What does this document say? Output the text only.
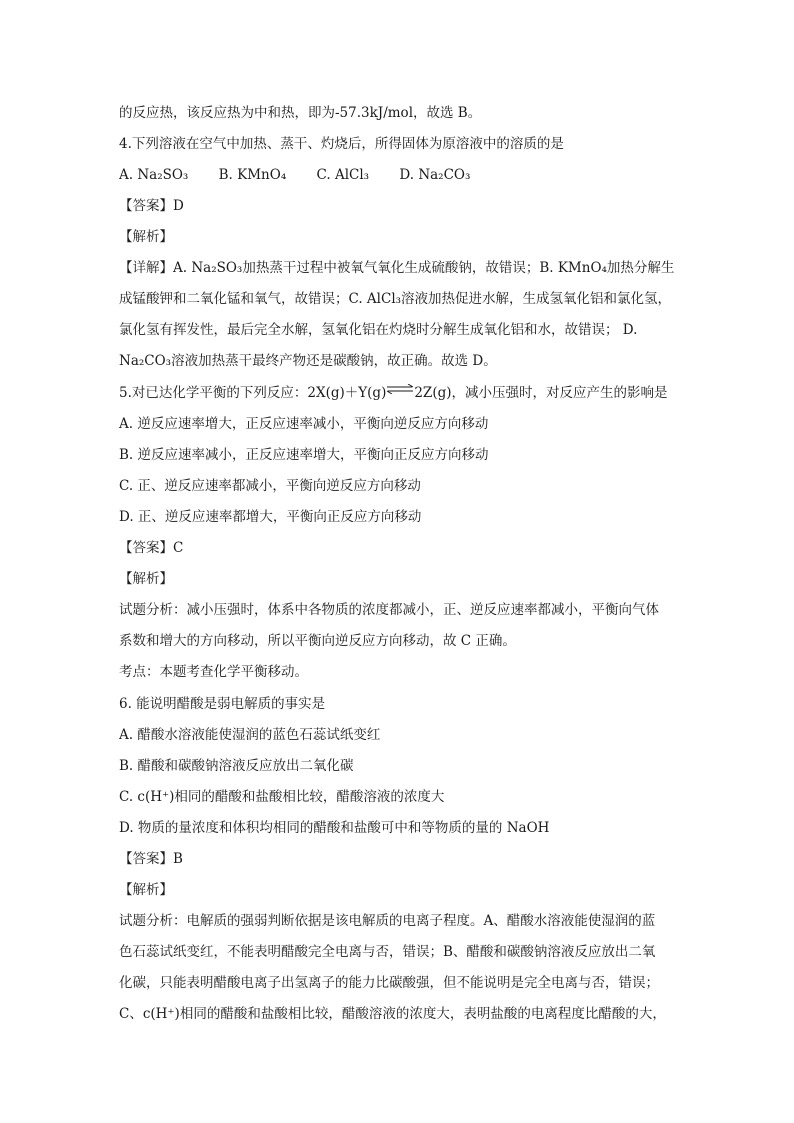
的反应热，该反应热为中和热，即为-57.3kJ/mol，故选 B。
4.下列溶液在空气中加热、蒸干、灼烧后，所得固体为原溶液中的溶质的是
A. Na₂SO₃ B. KMnO₄ C. AlCl₃ D. Na₂CO₃
【答案】D
【解析】
【详解】A. Na₂SO₃加热蒸干过程中被氧气氧化生成硫酸钠，故错误；B. KMnO₄加热分解生
成锰酸钾和二氧化锰和氧气，故错误；C. AlCl₃溶液加热促进水解，生成氢氧化铝和氯化氢，
氯化氢有挥发性，最后完全水解，氢氧化铝在灼烧时分解生成氧化铝和水，故错误； D.
Na₂CO₃溶液加热蒸干最终产物还是碳酸钠，故正确。故选 D。
5.对已达化学平衡的下列反应：2X(g)＋Y(g)⇌2Z(g)，减小压强时，对反应产生的影响是
A. 逆反应速率增大，正反应速率减小，平衡向逆反应方向移动
B. 逆反应速率减小，正反应速率增大，平衡向正反应方向移动
C. 正、逆反应速率都减小，平衡向逆反应方向移动
D. 正、逆反应速率都增大，平衡向正反应方向移动
【答案】C
【解析】
试题分析：减小压强时，体系中各物质的浓度都减小，正、逆反应速率都减小，平衡向气体
系数和增大的方向移动，所以平衡向逆反应方向移动，故 C 正确。
考点：本题考查化学平衡移动。
6. 能说明醋酸是弱电解质的事实是
A. 醋酸水溶液能使湿润的蓝色石蕊试纸变红
B. 醋酸和碳酸钠溶液反应放出二氧化碳
C. c(H⁺)相同的醋酸和盐酸相比较，醋酸溶液的浓度大
D. 物质的量浓度和体积均相同的醋酸和盐酸可中和等物质的量的 NaOH
【答案】B
【解析】
试题分析：电解质的强弱判断依据是该电解质的电离子程度。A、醋酸水溶液能使湿润的蓝
色石蕊试纸变红，不能表明醋酸完全电离与否，错误；B、醋酸和碳酸钠溶液反应放出二氧
化碳，只能表明醋酸电离子出氢离子的能力比碳酸强，但不能说明是完全电离与否，错误；
C、c(H⁺)相同的醋酸和盐酸相比较，醋酸溶液的浓度大，表明盐酸的电离程度比醋酸的大，
